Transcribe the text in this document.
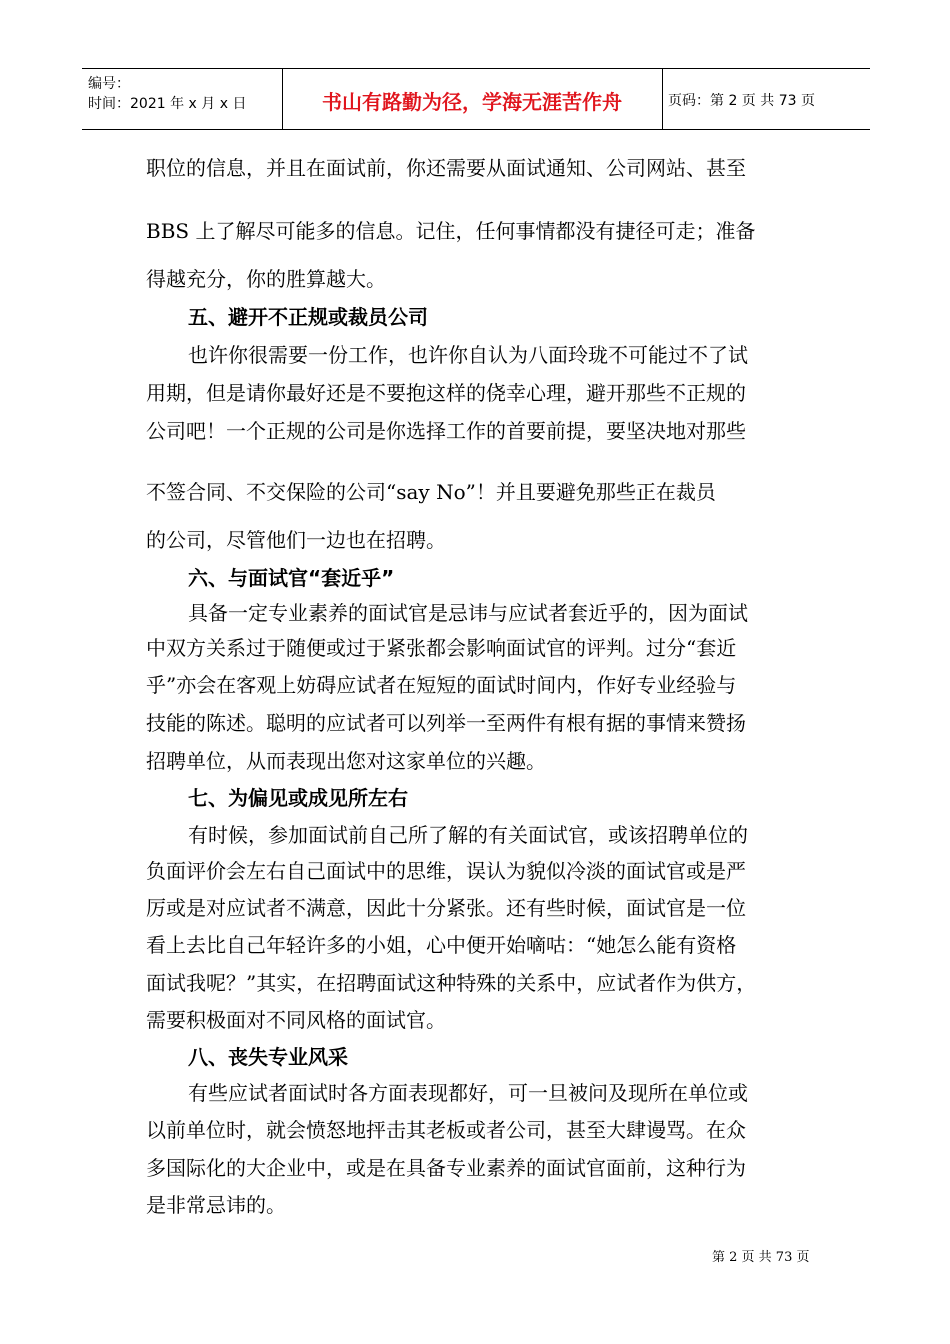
编号：
时间：2021 年 x 月 x 日	书山有路勤为径，学海无涯苦作舟	页码：第 2 页 共 73 页
职位的信息，并且在面试前，你还需要从面试通知、公司网站、甚至
BBS 上了解尽可能多的信息。记住，任何事情都没有捷径可走；准备
得越充分，你的胜算越大。
五、避开不正规或裁员公司
也许你很需要一份工作，也许你自认为八面玲珑不可能过不了试
用期，但是请你最好还是不要抱这样的侥幸心理，避开那些不正规的
公司吧！一个正规的公司是你选择工作的首要前提，要坚决地对那些
不签合同、不交保险的公司“say No”！并且要避免那些正在裁员
的公司，尽管他们一边也在招聘。
六、与面试官“套近乎”
具备一定专业素养的面试官是忌讳与应试者套近乎的，因为面试
中双方关系过于随便或过于紧张都会影响面试官的评判。过分“套近
乎”亦会在客观上妨碍应试者在短短的面试时间内，作好专业经验与
技能的陈述。聪明的应试者可以列举一至两件有根有据的事情来赞扬
招聘单位，从而表现出您对这家单位的兴趣。
七、为偏见或成见所左右
有时候，参加面试前自己所了解的有关面试官，或该招聘单位的
负面评价会左右自己面试中的思维，误认为貌似冷淡的面试官或是严
厉或是对应试者不满意，因此十分紧张。还有些时候，面试官是一位
看上去比自己年轻许多的小姐，心中便开始嘀咕：“她怎么能有资格
面试我呢？”其实，在招聘面试这种特殊的关系中，应试者作为供方，
需要积极面对不同风格的面试官。
八、丧失专业风采
有些应试者面试时各方面表现都好，可一旦被问及现所在单位或
以前单位时，就会愤怒地抨击其老板或者公司，甚至大肆谩骂。在众
多国际化的大企业中，或是在具备专业素养的面试官面前，这种行为
是非常忌讳的。
第 2 页 共 73 页
